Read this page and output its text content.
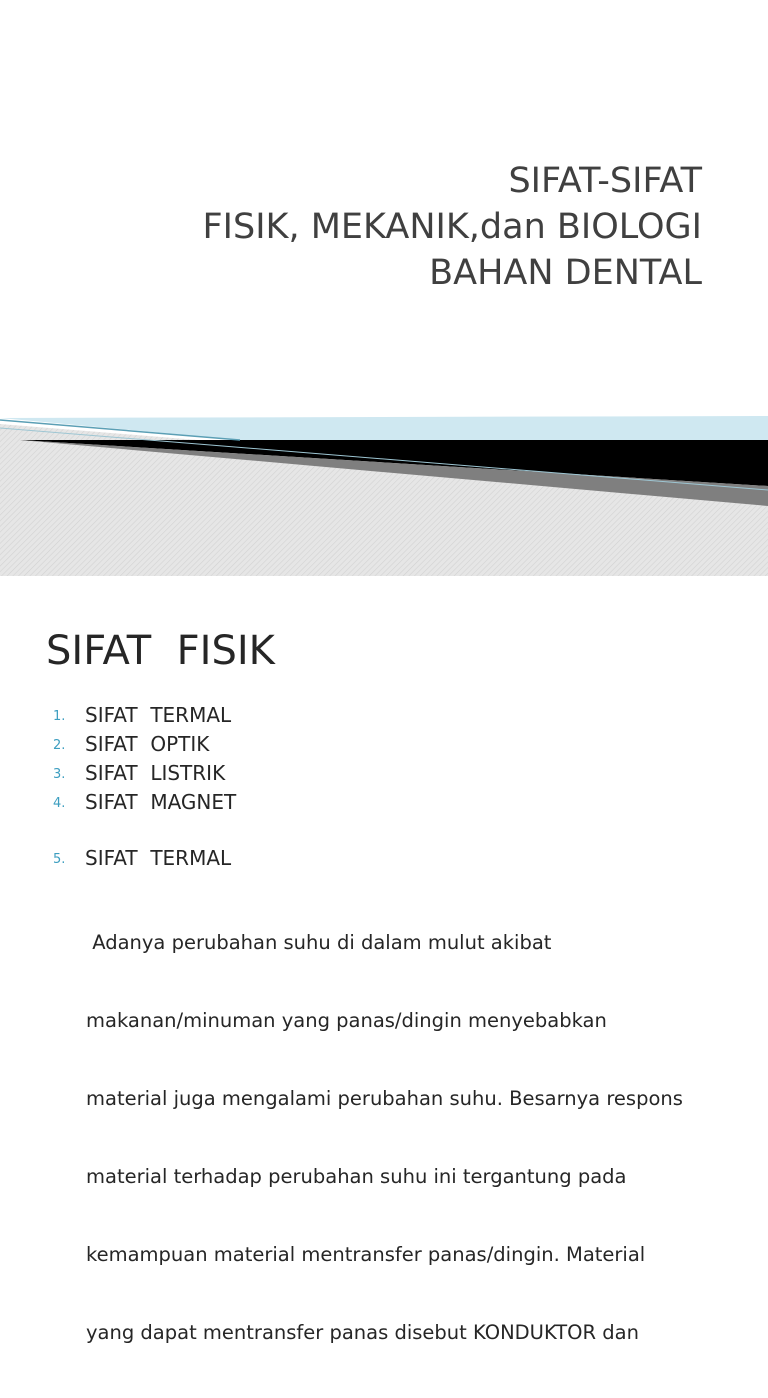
SIFAT-SIFAT
FISIK, MEKANIK,dan BIOLOGI
BAHAN DENTAL
SIFAT  FISIK
1. SIFAT  TERMAL
2. SIFAT  OPTIK
3. SIFAT  LISTRIK
4. SIFAT  MAGNET
5. SIFAT  TERMAL

Adanya perubahan suhu di dalam mulut akibat

makanan/minuman yang panas/dingin menyebabkan

material juga mengalami perubahan suhu. Besarnya respons

material terhadap perubahan suhu ini tergantung pada

kemampuan material mentransfer panas/dingin. Material

yang dapat mentransfer panas disebut KONDUKTOR dan
